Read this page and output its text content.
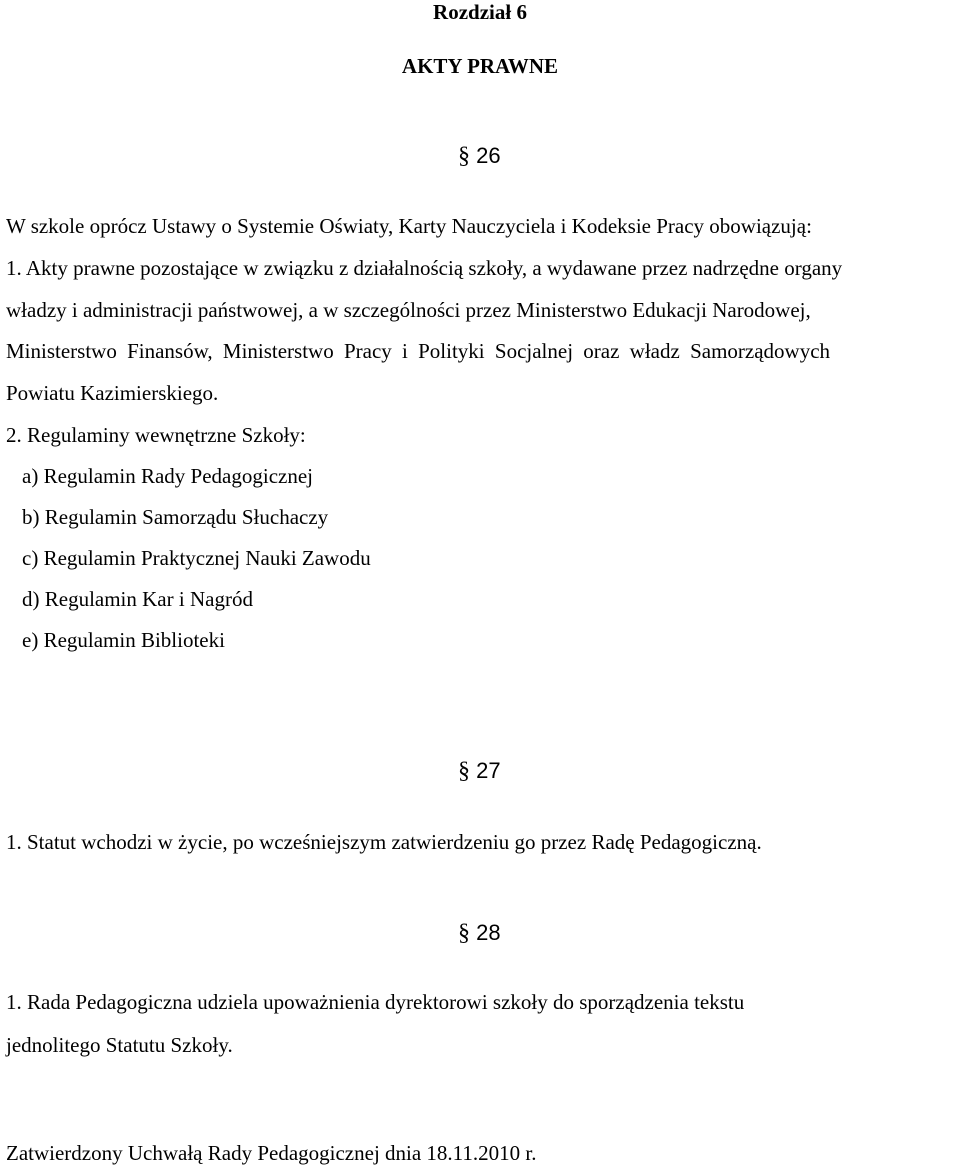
Rozdział 6
AKTY PRAWNE
§ 26
W szkole oprócz Ustawy o Systemie Oświaty, Karty Nauczyciela i Kodeksie Pracy obowiązują:
1. Akty prawne pozostające w związku z działalnością szkoły, a wydawane przez nadrzędne organy
władzy i administracji państwowej, a w szczególności przez Ministerstwo Edukacji Narodowej,
Ministerstwo Finansów, Ministerstwo Pracy i Polityki Socjalnej oraz władz Samorządowych
Powiatu Kazimierskiego.
2. Regulaminy wewnętrzne Szkoły:
a) Regulamin Rady Pedagogicznej
b) Regulamin Samorządu Słuchaczy
c) Regulamin Praktycznej Nauki Zawodu
d) Regulamin Kar i Nagród
e) Regulamin Biblioteki
§ 27
1. Statut wchodzi w życie, po wcześniejszym zatwierdzeniu go przez Radę Pedagogiczną.
§ 28
1. Rada Pedagogiczna udziela upoważnienia dyrektorowi szkoły do sporządzenia tekstu
jednolitego Statutu Szkoły.
Zatwierdzony Uchwałą Rady Pedagogicznej dnia 18.11.2010 r.
